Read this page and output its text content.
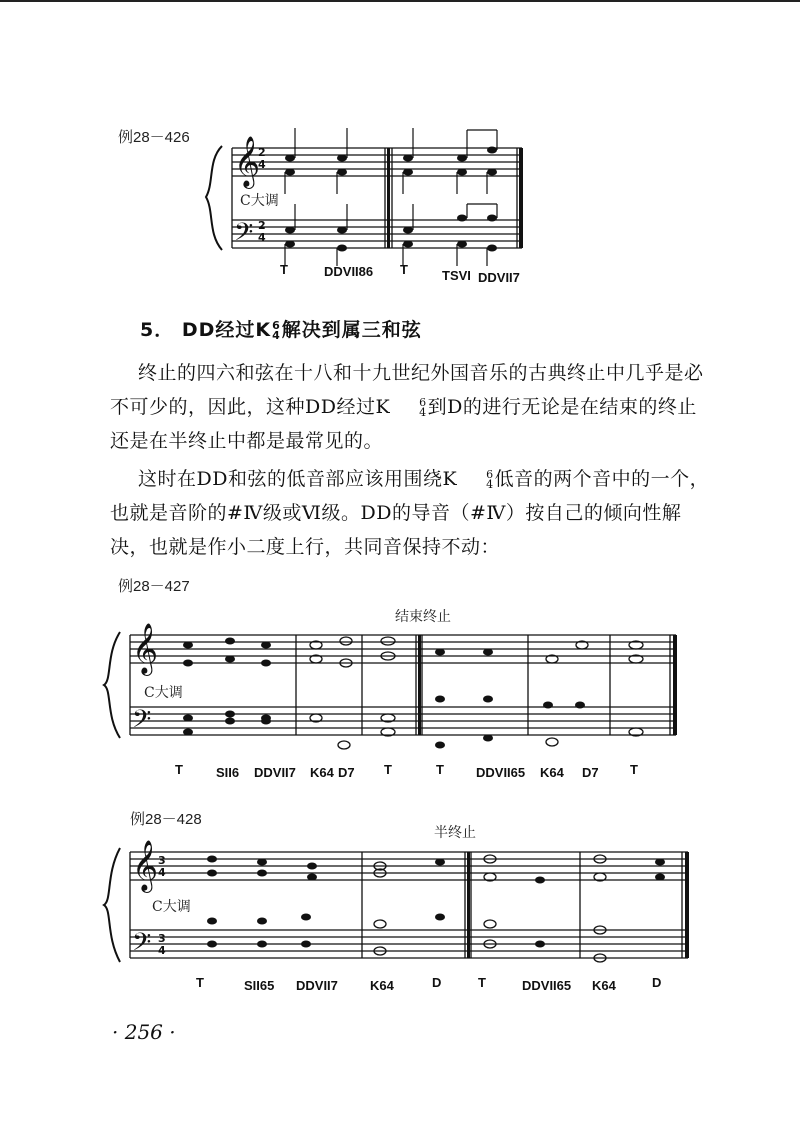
例28－426 𝄞
𝄢
𝄞
𝄢
𝄞
𝄢
2
4
2
4
3
4
3
4
C大调
T	DDVII86 T	TSVI DDVII7
5． DD经过K 6
4 解决到属三和弦
终止的四六和弦在十八和十九世纪外国音乐的古典终止中几乎是必不可少的，因此，这种DD经过K	6
4 到D的进行无论是在结束的终止还是在半终止中都是最常见的。
这时在DD和弦的低音部应该用围绕K	6
4 低音的两个音中的一个，也就是音阶的#Ⅳ级或Ⅵ级。DD的导音（#Ⅳ）按自己的倾向性解决，也就是作小二度上行，共同音保持不动：
例28－427
结束终止
C大调
T	SII6 DDVII7 K64 D7 T	T DDVII65 K64 D7 T
例28－428
半终止
C大调
T	SII65 DDVII7 K64	D	T	DDVII65 K64	D
· 256 ·
